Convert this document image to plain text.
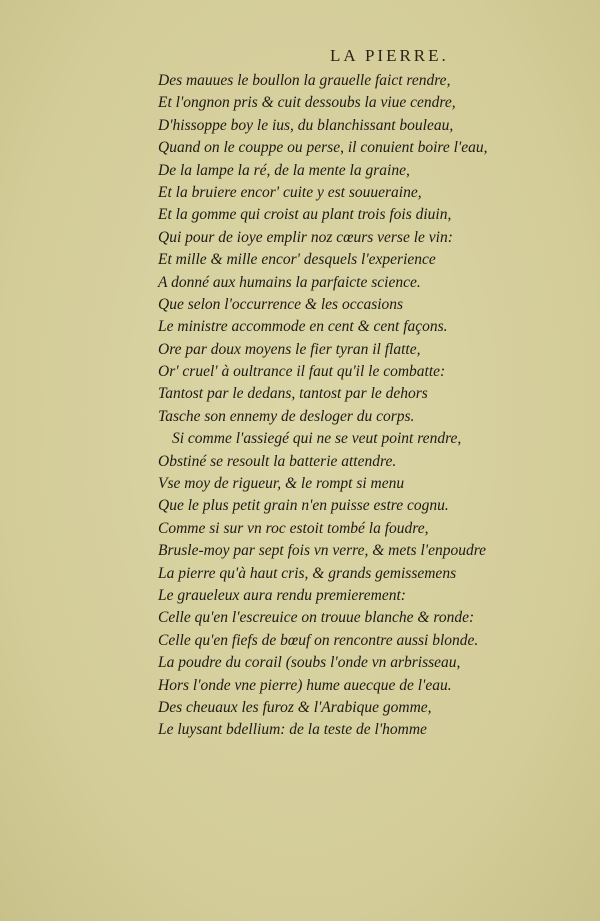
LA PIERRE.
Des mauues le boullon la grauelle faict rendre,
Et l'ongnon pris & cuit dessoubs la viue cendre,
D'hissoppe boy le ius, du blanchissant bouleau,
Quand on le couppe ou perse, il conuient boire l'eau,
De la lampe la ré, de la mente la graine,
Et la bruiere encor' cuite y est souueraine,
Et la gomme qui croist au plant trois fois diuin,
Qui pour de ioye emplir noz cœurs verse le vin:
Et mille & mille encor' desquels l'experience
A donné aux humains la parfaicte science.
Que selon l'occurrence & les occasions
Le ministre accommode en cent & cent façons.
Ore par doux moyens le fier tyran il flatte,
Or' cruel' à oultrance il faut qu'il le combatte:
Tantost par le dedans, tantost par le dehors
Tasche son ennemy de desloger du corps.
Si comme l'assiegé qui ne se veut point rendre,
Obstiné se resoult la batterie attendre.
Vse moy de rigueur, & le rompt si menu
Que le plus petit grain n'en puisse estre cognu.
Comme si sur vn roc estoit tombé la foudre,
Brusle-moy par sept fois vn verre, & mets l'enpoudre
La pierre qu'à haut cris, & grands gemissemens
Le graueleux aura rendu premierement:
Celle qu'en l'escreuice on trouue blanche & ronde:
Celle qu'en fiefs de bœuf on rencontre aussi blonde.
La poudre du corail (soubs l'onde vn arbrisseau,
Hors l'onde vne pierre) hume auecque de l'eau.
Des cheuaux les furoz & l'Arabique gomme,
Le luysant bdellium: de la teste de l'homme
